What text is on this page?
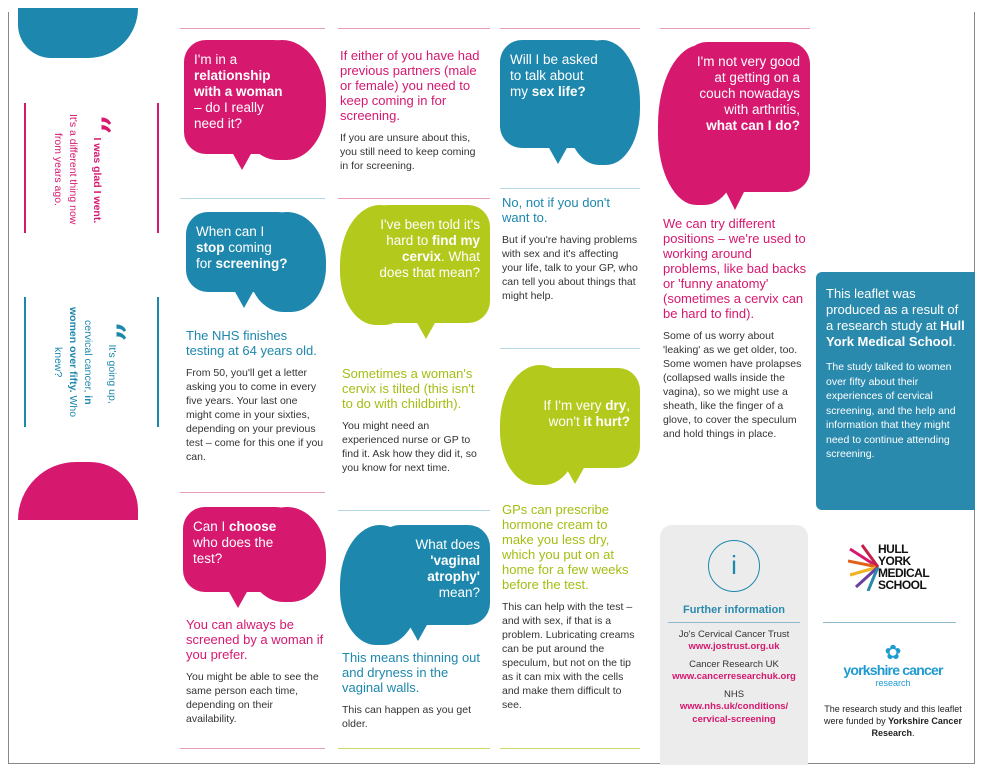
“ I was glad I went. It's a different thing now from years ago.
“ It's going up, cervical cancer, in women over fifty. Who knew?
I'm in a relationship with a woman – do I really need it?
If either of you have had previous partners (male or female) you need to keep coming in for screening.
If you are unsure about this, you still need to keep coming in for screening.
When can I stop coming for screening?
The NHS finishes testing at 64 years old.
From 50, you'll get a letter asking you to come in every five years. Your last one might come in your sixties, depending on your previous test – come for this one if you can.
I've been told it's hard to find my cervix. What does that mean?
Sometimes a woman's cervix is tilted (this isn't to do with childbirth).
You might need an experienced nurse or GP to find it. Ask how they did it, so you know for next time.
Can I choose who does the test?
You can always be screened by a woman if you prefer.
You might be able to see the same person each time, depending on their availability.
What does 'vaginal atrophy' mean?
This means thinning out and dryness in the vaginal walls.
This can happen as you get older.
Will I be asked to talk about my sex life?
No, not if you don't want to.
But if you're having problems with sex and it's affecting your life, talk to your GP, who can tell you about things that might help.
If I'm very dry, won't it hurt?
GPs can prescribe hormone cream to make you less dry, which you put on at home for a few weeks before the test.
This can help with the test – and with sex, if that is a problem. Lubricating creams can be put around the speculum, but not on the tip as it can mix with the cells and make them difficult to see.
I'm not very good at getting on a couch nowadays with arthritis, what can I do?
We can try different positions – we're used to working around problems, like bad backs or 'funny anatomy' (sometimes a cervix can be hard to find).
Some of us worry about 'leaking' as we get older, too. Some women have prolapses (collapsed walls inside the vagina), so we might use a sheath, like the finger of a glove, to cover the speculum and hold things in place.
i
Further information
Jo's Cervical Cancer Trust
www.jostrust.org.uk
Cancer Research UK
www.cancerresearchuk.org
NHS
www.nhs.uk/conditions/ cervical-screening
This leaflet was produced as a result of a research study at Hull York Medical School.
The study talked to women over fifty about their experiences of cervical screening, and the help and information that they might need to continue attending screening.
HULL
YORK
MEDICAL
SCHOOL
✿
yorkshire cancer
research
The research study and this leaflet were funded by Yorkshire Cancer Research.
